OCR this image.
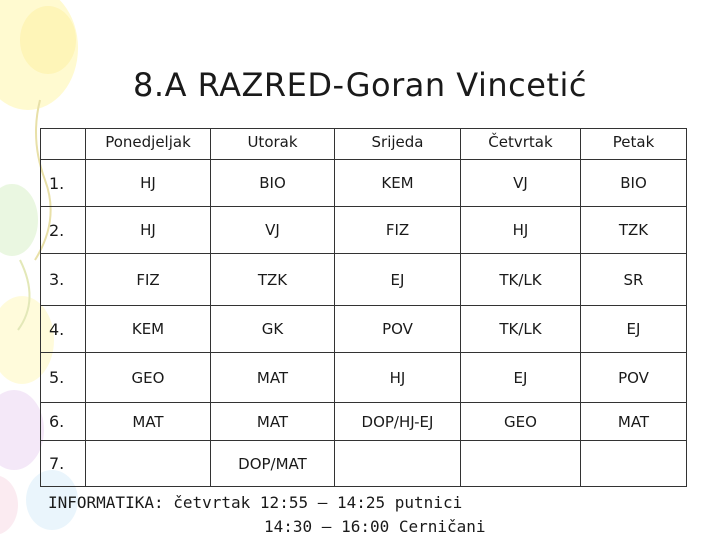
8.A RAZRED-Goran Vincetić
	Ponedjeljak	Utorak	Srijeda	Četvrtak	Petak
1.	HJ	BIO	KEM	VJ	BIO
2.	HJ	VJ	FIZ	HJ	TZK
3.	FIZ	TZK	EJ	TK/LK	SR
4.	KEM	GK	POV	TK/LK	EJ
5.	GEO	MAT	HJ	EJ	POV
6.	MAT	MAT	DOP/HJ-EJ	GEO	MAT
7.		DOP/MAT			
INFORMATIKA: četvrtak 12:55 – 14:25 putnici
14:30 – 16:00 Cerničani
